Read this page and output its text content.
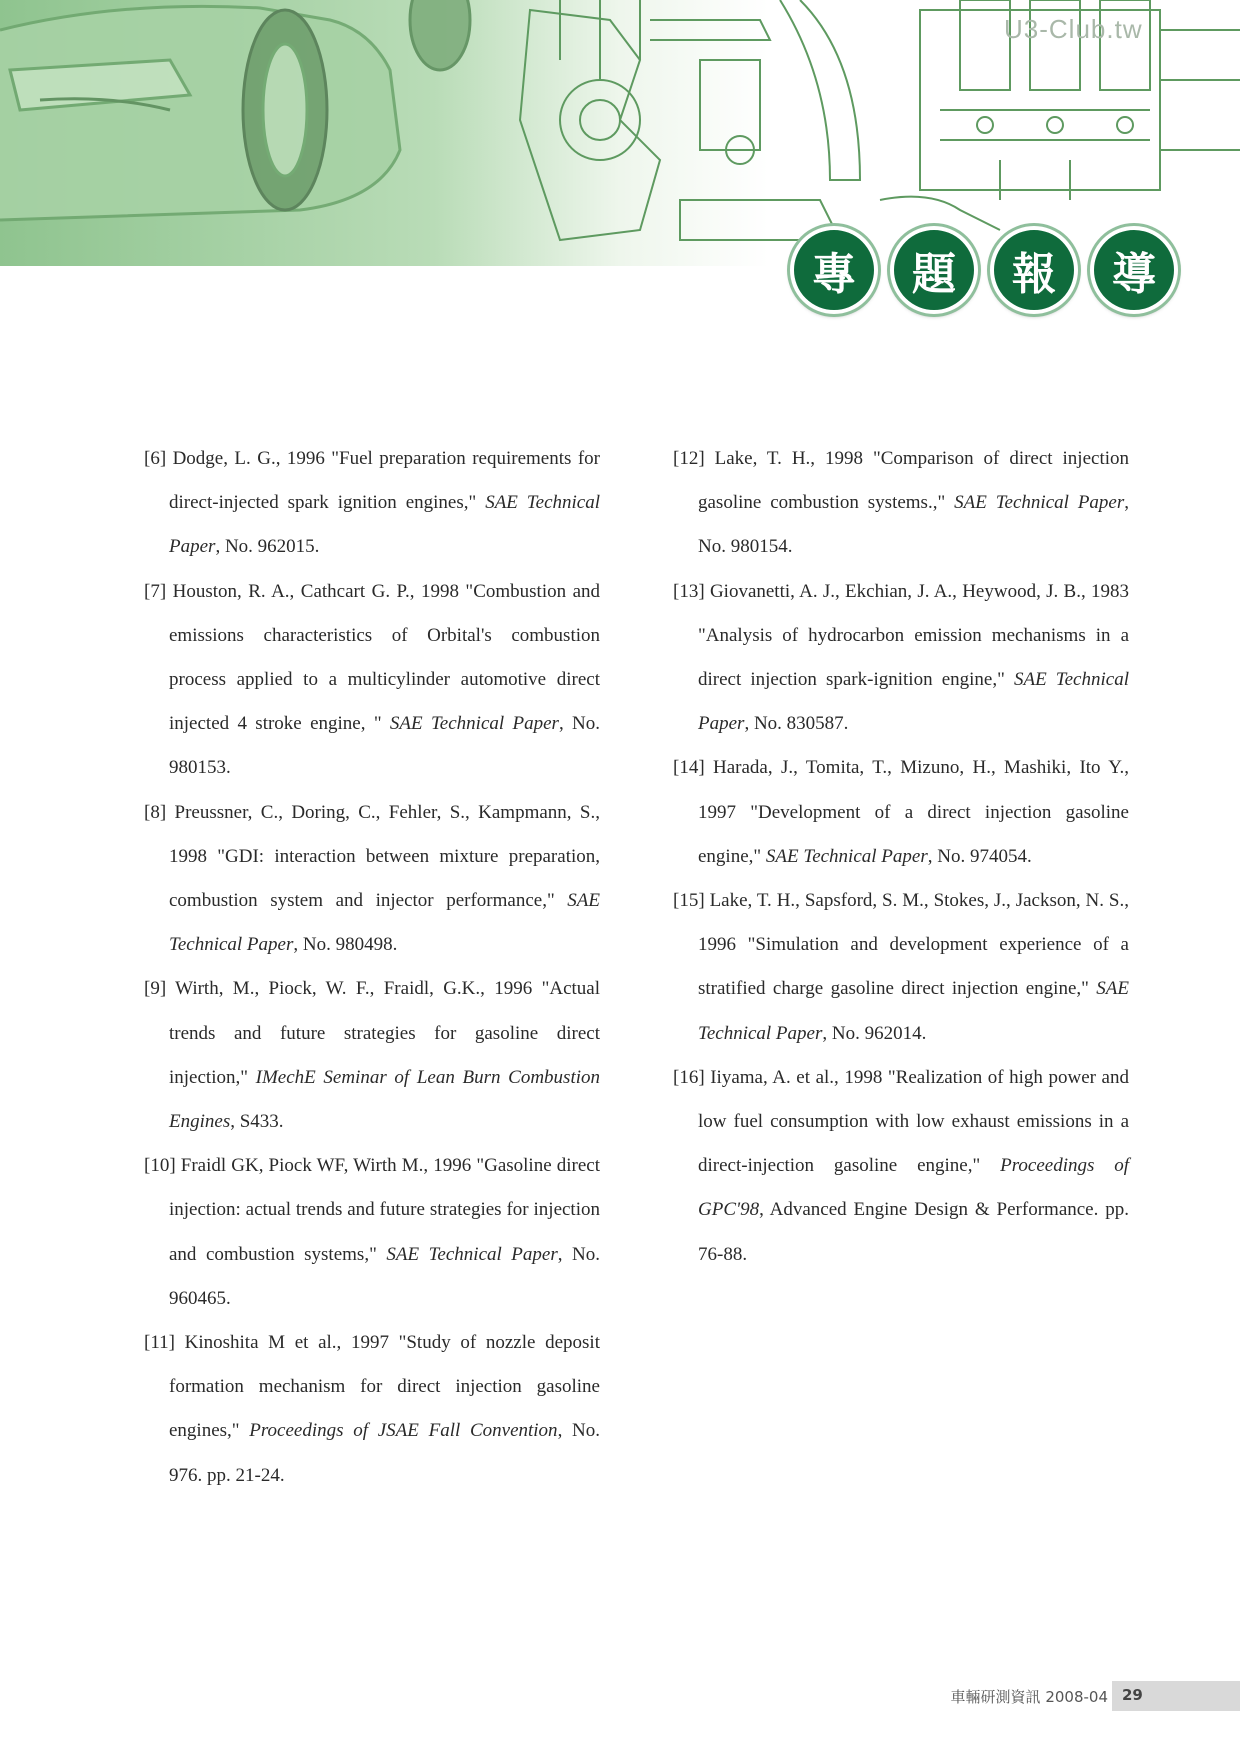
U3-Club.tw
專	題	報	導

[6] Dodge, L. G., 1996 "Fuel preparation requirements for direct-injected spark ignition engines," SAE Technical Paper, No. 962015.

[7] Houston, R. A., Cathcart G. P., 1998 "Combustion and emissions characteristics of Orbital's combustion process applied to a multicylinder automotive direct injected 4 stroke engine, " SAE Technical Paper, No. 980153.

[8] Preussner, C., Doring, C., Fehler, S., Kampmann, S., 1998 "GDI: interaction between mixture preparation, combustion system and injector performance," SAE Technical Paper, No. 980498.

[9] Wirth, M., Piock, W. F., Fraidl, G.K., 1996 "Actual trends and future strategies for gasoline direct injection," IMechE Seminar of Lean Burn Combustion Engines, S433.

[10] Fraidl GK, Piock WF, Wirth M., 1996 "Gasoline direct injection: actual trends and future strategies for injection and combustion systems," SAE Technical Paper, No. 960465.

[11] Kinoshita M et al., 1997 "Study of nozzle deposit formation mechanism for direct injection gasoline engines," Proceedings of JSAE Fall Convention, No. 976. pp. 21-24.

[12] Lake, T. H., 1998 "Comparison of direct injection gasoline combustion systems.," SAE Technical Paper, No. 980154.

[13] Giovanetti, A. J., Ekchian, J. A., Heywood, J. B., 1983 "Analysis of hydrocarbon emission mechanisms in a direct injection spark-ignition engine," SAE Technical Paper, No. 830587.

[14] Harada, J., Tomita, T., Mizuno, H., Mashiki, Ito Y., 1997 "Development of a direct injection gasoline engine," SAE Technical Paper, No. 974054.

[15] Lake, T. H., Sapsford, S. M., Stokes, J., Jackson, N. S., 1996 "Simulation and development experience of a stratified charge gasoline direct injection engine," SAE Technical Paper, No. 962014.

[16] Iiyama, A. et al., 1998 "Realization of high power and low fuel consumption with low exhaust emissions in a direct-injection gasoline engine," Proceedings of GPC'98, Advanced Engine Design & Performance. pp. 76-88.

車輛研測資訊 2008-04 29
